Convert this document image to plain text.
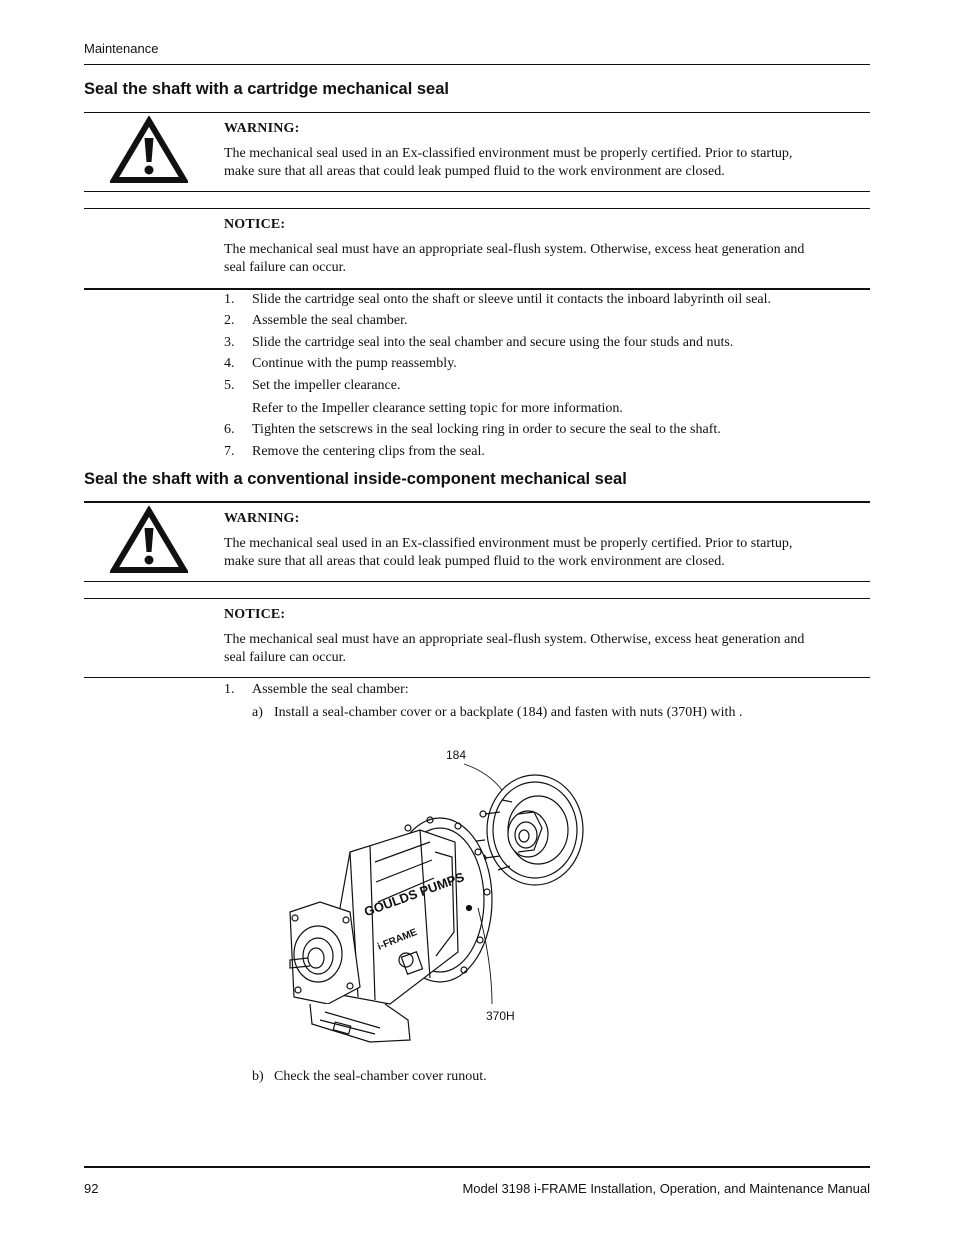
Maintenance
Seal the shaft with a cartridge mechanical seal
WARNING:
The mechanical seal used in an Ex-classified environment must be properly certified. Prior to startup,
make sure that all areas that could leak pumped fluid to the work environment are closed.
NOTICE:
The mechanical seal must have an appropriate seal-flush system. Otherwise, excess heat generation and
seal failure can occur.
1. Slide the cartridge seal onto the shaft or sleeve until it contacts the inboard labyrinth oil seal.
2. Assemble the seal chamber.
3. Slide the cartridge seal into the seal chamber and secure using the four studs and nuts.
4. Continue with the pump reassembly.
5. Set the impeller clearance.
Refer to the Impeller clearance setting topic for more information.
6. Tighten the setscrews in the seal locking ring in order to secure the seal to the shaft.
7. Remove the centering clips from the seal.
Seal the shaft with a conventional inside-component mechanical seal
WARNING:
The mechanical seal used in an Ex-classified environment must be properly certified. Prior to startup,
make sure that all areas that could leak pumped fluid to the work environment are closed.
NOTICE:
The mechanical seal must have an appropriate seal-flush system. Otherwise, excess heat generation and
seal failure can occur.
1. Assemble the seal chamber:
a) Install a seal-chamber cover or a backplate (184) and fasten with nuts (370H) with .
GOULDS PUMPS
i-FRAME
184
370H
b) Check the seal-chamber cover runout.
92	Model 3198 i-FRAME Installation, Operation, and Maintenance Manual
